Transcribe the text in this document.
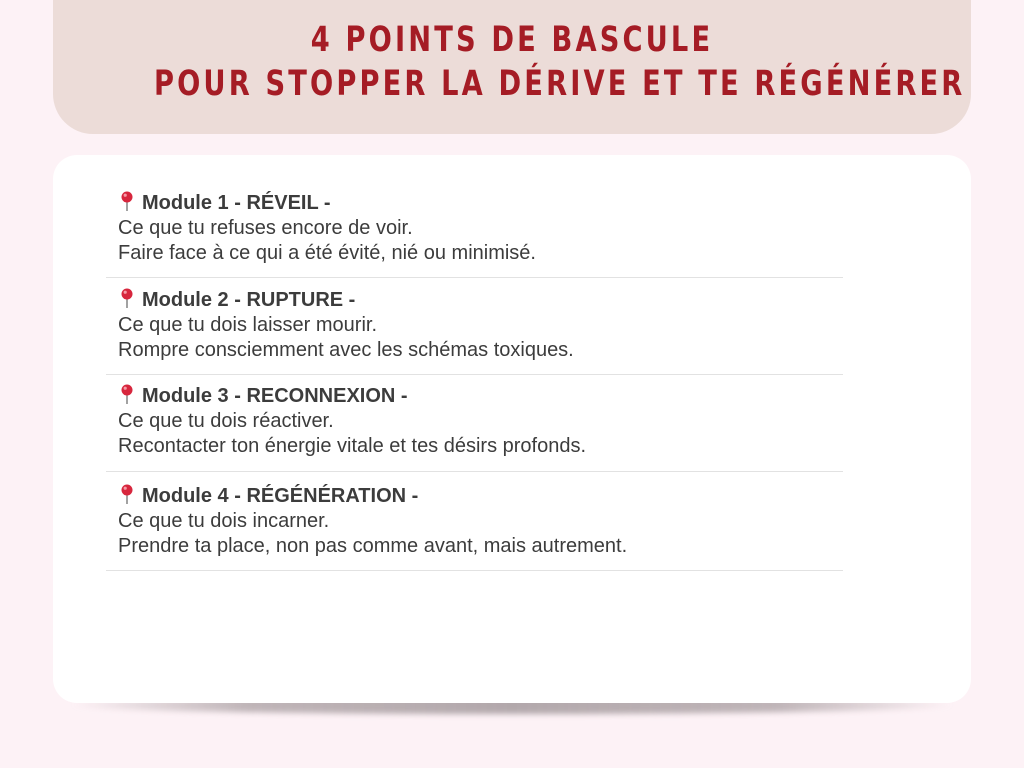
4 POINTS DE BASCULE
POUR STOPPER LA DÉRIVE ET TE RÉGÉNÉRER
Module 1 - RÉVEIL -
Ce que tu refuses encore de voir.
Faire face à ce qui a été évité, nié ou minimisé.
Module 2 - RUPTURE -
Ce que tu dois laisser mourir.
Rompre consciemment avec les schémas toxiques.
Module 3 - RECONNEXION -
Ce que tu dois réactiver.
Recontacter ton énergie vitale et tes désirs profonds.
Module 4 - RÉGÉNÉRATION -
Ce que tu dois incarner.
Prendre ta place, non pas comme avant, mais autrement.
